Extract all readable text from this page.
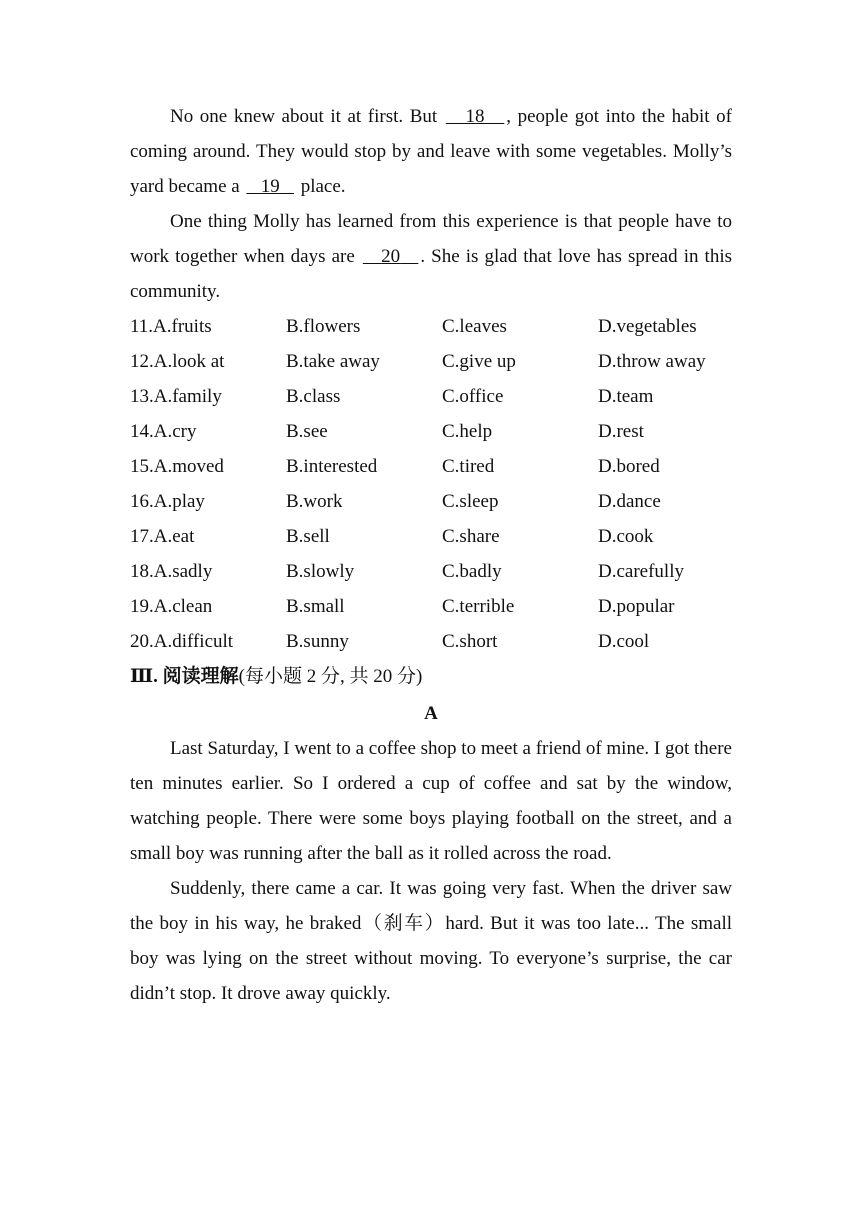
No one knew about it at first. But    18 , people got into the habit of coming around. They would stop by and leave with some vegetables. Molly’s yard became a    19    place.

One thing Molly has learned from this experience is that people have to work together when days are    20 . She is glad that love has spread in this community.

11.A.fruits	B.flowers	C.leaves	D.vegetables
12.A.look at	B.take away	C.give up	D.throw away
13.A.family	B.class	C.office	D.team
14.A.cry	B.see	C.help	D.rest
15.A.moved	B.interested	C.tired	D.bored
16.A.play	B.work	C.sleep	D.dance
17.A.eat	B.sell	C.share	D.cook
18.A.sadly	B.slowly	C.badly	D.carefully
19.A.clean	B.small	C.terrible	D.popular
20.A.difficult	B.sunny	C.short	D.cool
Ⅲ. 阅读理解(每小题 2 分, 共 20 分)
A

Last Saturday, I went to a coffee shop to meet a friend of mine. I got there ten minutes earlier. So I ordered a cup of coffee and sat by the window, watching people. There were some boys playing football on the street, and a small boy was running after the ball as it rolled across the road.

Suddenly, there came a car. It was going very fast. When the driver saw the boy in his way, he braked（刹车）hard. But it was too late... The small boy was lying on the street without moving. To everyone’s surprise, the car didn’t stop. It drove away quickly.
